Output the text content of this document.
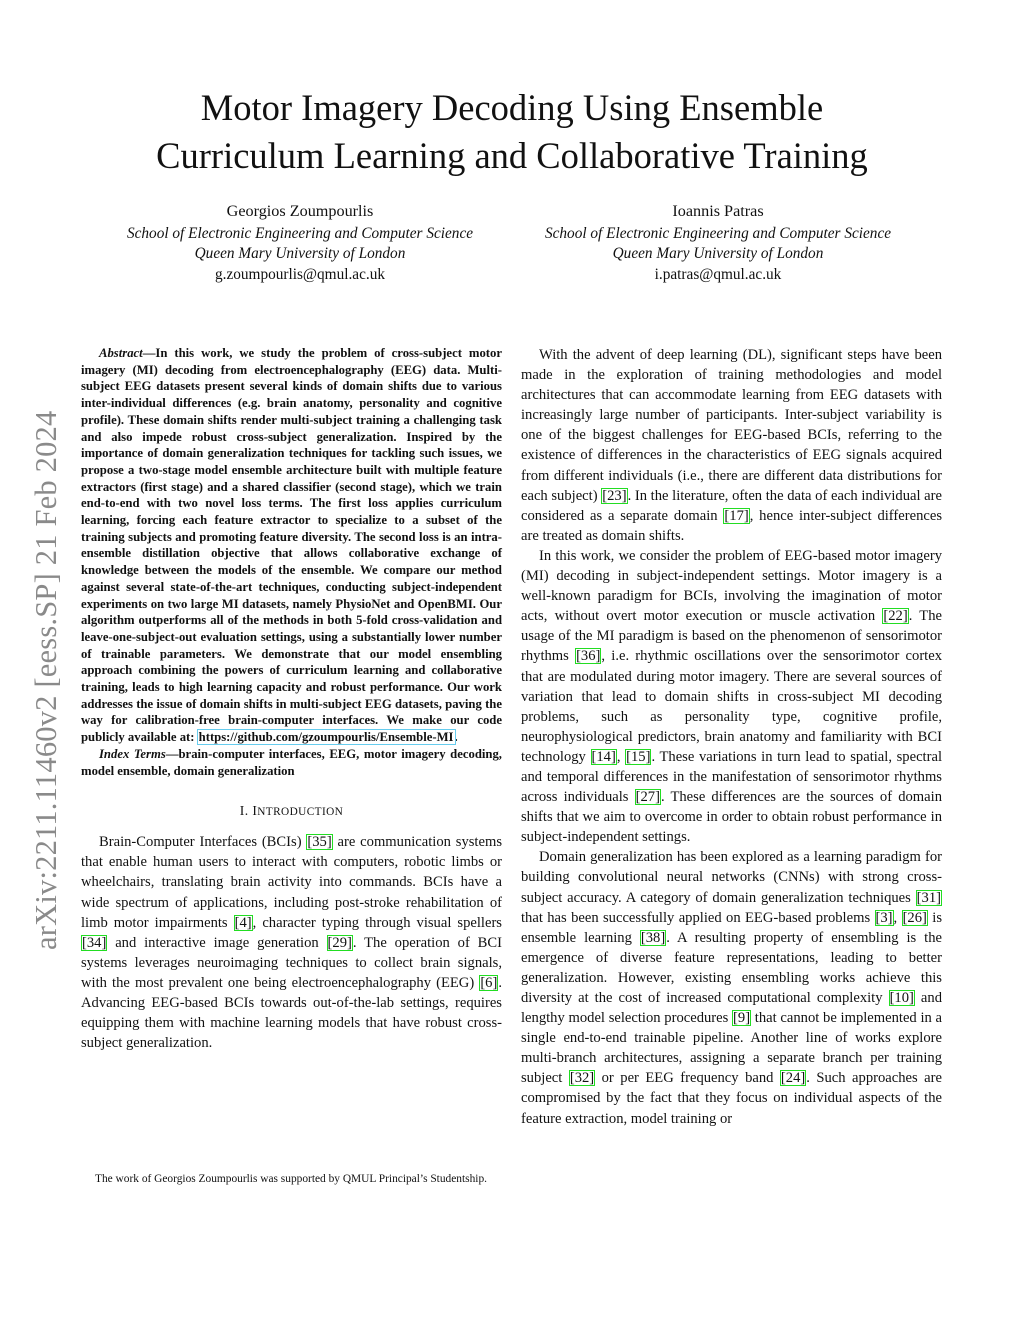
arXiv:2211.11460v2 [eess.SP] 21 Feb 2024
Motor Imagery Decoding Using Ensemble
Curriculum Learning and Collaborative Training
Georgios Zoumpourlis
School of Electronic Engineering and Computer Science
Queen Mary University of London
g.zoumpourlis@qmul.ac.uk
Ioannis Patras
School of Electronic Engineering and Computer Science
Queen Mary University of London
i.patras@qmul.ac.uk

Abstract—In this work, we study the problem of cross-subject motor imagery (MI) decoding from electroencephalography (EEG) data. Multi-subject EEG datasets present several kinds of domain shifts due to various inter-individual differences (e.g. brain anatomy, personality and cognitive profile). These domain shifts render multi-subject training a challenging task and also impede robust cross-subject generalization. Inspired by the importance of domain generalization techniques for tackling such issues, we propose a two-stage model ensemble architecture built with multiple feature extractors (first stage) and a shared classifier (second stage), which we train end-to-end with two novel loss terms. The first loss applies curriculum learning, forcing each feature extractor to specialize to a subset of the training subjects and promoting feature diversity. The second loss is an intra-ensemble distillation objective that allows collaborative exchange of knowledge between the models of the ensemble. We compare our method against several state-of-the-art techniques, conducting subject-independent experiments on two large MI datasets, namely PhysioNet and OpenBMI. Our algorithm outperforms all of the methods in both 5-fold cross-validation and leave-one-subject-out evaluation settings, using a substantially lower number of trainable parameters. We demonstrate that our model ensembling approach combining the powers of curriculum learning and collaborative training, leads to high learning capacity and robust performance. Our work addresses the issue of domain shifts in multi-subject EEG datasets, paving the way for calibration-free brain-computer interfaces. We make our code publicly available at: https://github.com/gzoumpourlis/Ensemble-MI.

Index Terms—brain-computer interfaces, EEG, motor imagery decoding, model ensemble, domain generalization

I. INTRODUCTION

Brain-Computer Interfaces (BCIs) [35] are communication systems that enable human users to interact with computers, robotic limbs or wheelchairs, translating brain activity into commands. BCIs have a wide spectrum of applications, including post-stroke rehabilitation of limb motor impairments [4], character typing through visual spellers [34] and interactive image generation [29]. The operation of BCI systems leverages neuroimaging techniques to collect brain signals, with the most prevalent one being electroencephalography (EEG) [6]. Advancing EEG-based BCIs towards out-of-the-lab settings, requires equipping them with machine learning models that have robust cross-subject generalization.

With the advent of deep learning (DL), significant steps have been made in the exploration of training methodologies and model architectures that can accommodate learning from EEG datasets with increasingly large number of participants. Inter-subject variability is one of the biggest challenges for EEG-based BCIs, referring to the existence of differences in the characteristics of EEG signals acquired from different individuals (i.e., there are different data distributions for each subject) [23]. In the literature, often the data of each individual are considered as a separate domain [17], hence inter-subject differences are treated as domain shifts.

In this work, we consider the problem of EEG-based motor imagery (MI) decoding in subject-independent settings. Motor imagery is a well-known paradigm for BCIs, involving the imagination of motor acts, without overt motor execution or muscle activation [22]. The usage of the MI paradigm is based on the phenomenon of sensorimotor rhythms [36], i.e. rhythmic oscillations over the sensorimotor cortex that are modulated during motor imagery. There are several sources of variation that lead to domain shifts in cross-subject MI decoding problems, such as personality type, cognitive profile, neurophysiological predictors, brain anatomy and familiarity with BCI technology [14], [15]. These variations in turn lead to spatial, spectral and temporal differences in the manifestation of sensorimotor rhythms across individuals [27]. These differences are the sources of domain shifts that we aim to overcome in order to obtain robust performance in subject-independent settings.

Domain generalization has been explored as a learning paradigm for building convolutional neural networks (CNNs) with strong cross-subject accuracy. A category of domain generalization techniques [31] that has been successfully applied on EEG-based problems [3], [26] is ensemble learning [38]. A resulting property of ensembling is the emergence of diverse feature representations, leading to better generalization. However, existing ensembling works achieve this diversity at the cost of increased computational complexity [10] and lengthy model selection procedures [9] that cannot be implemented in a single end-to-end trainable pipeline. Another line of works explore multi-branch architectures, assigning a separate branch per training subject [32] or per EEG frequency band [24]. Such approaches are compromised by the fact that they focus on individual aspects of the feature extraction, model training or

The work of Georgios Zoumpourlis was supported by QMUL Principal’s Studentship.
